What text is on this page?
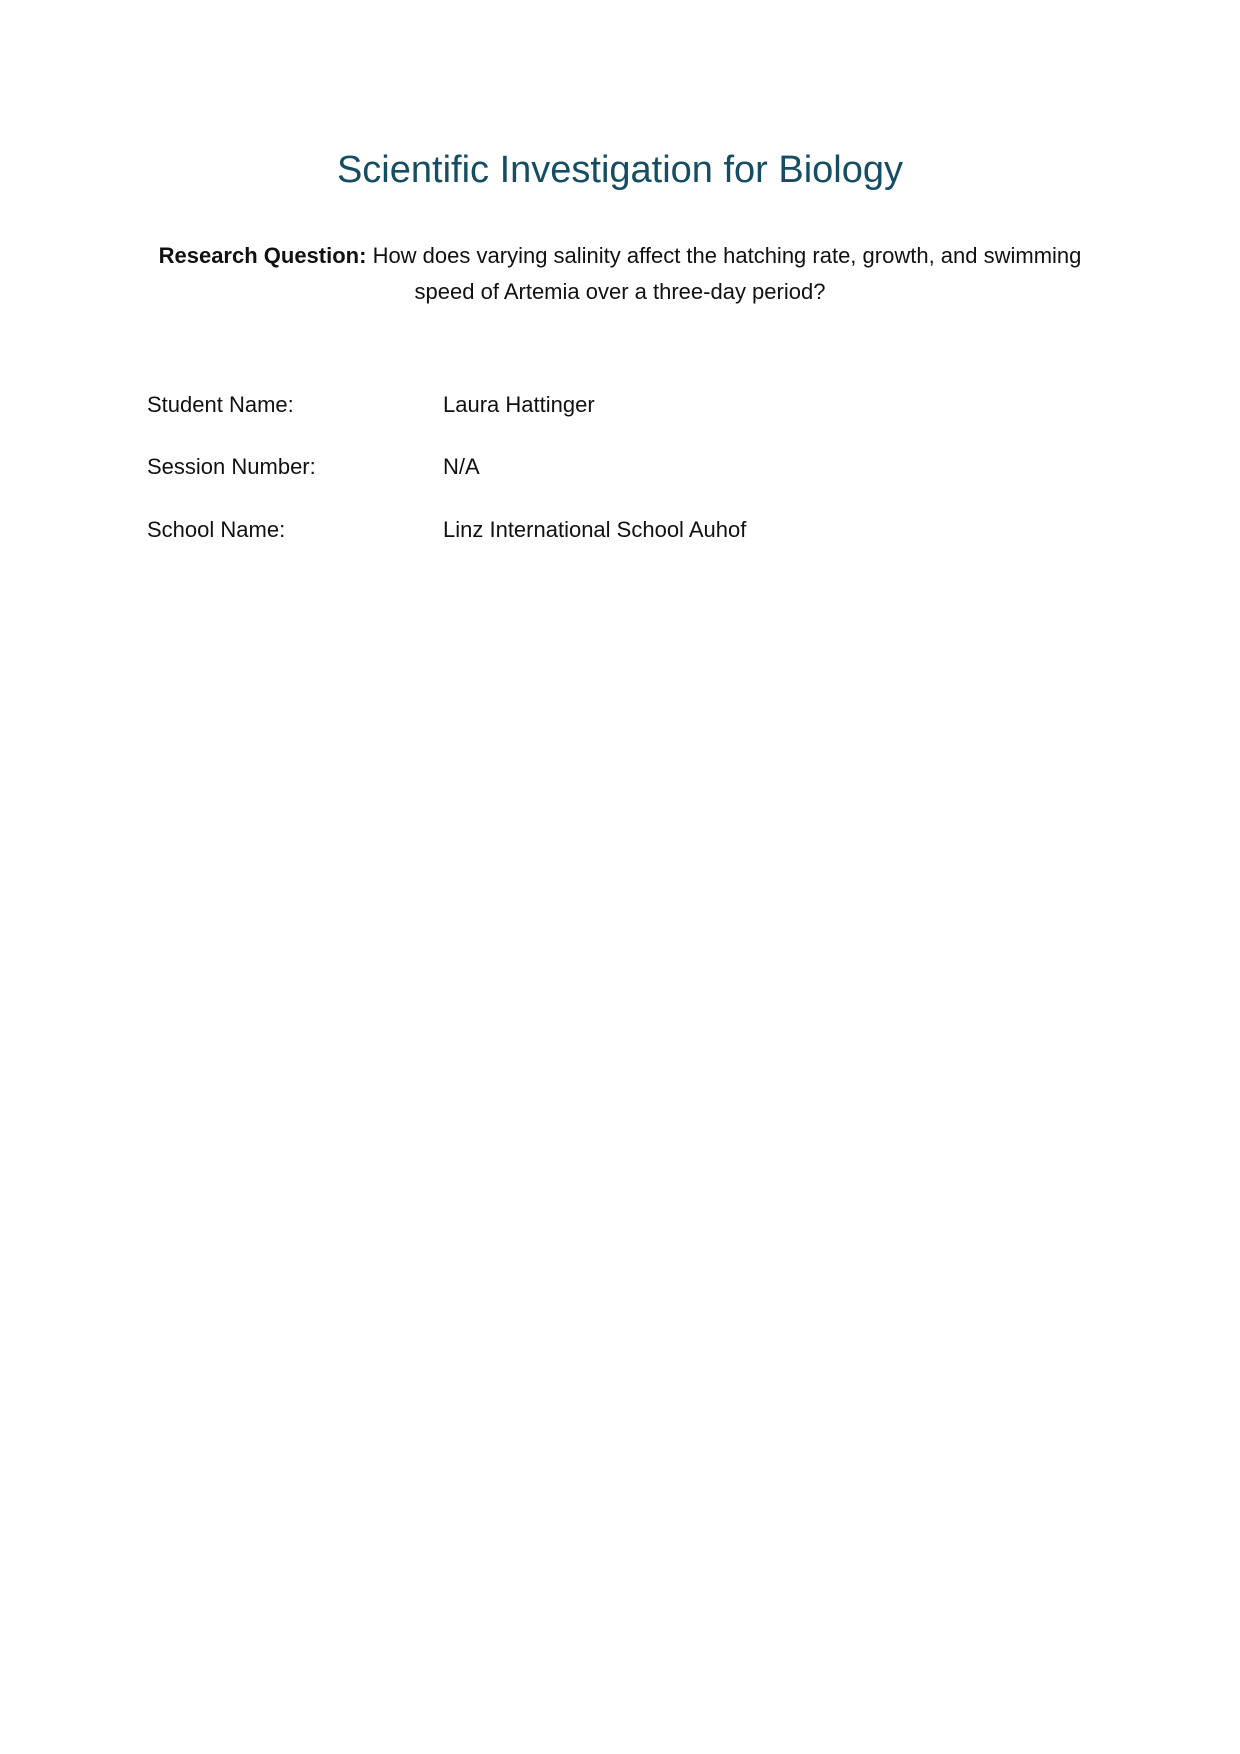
Scientific Investigation for Biology

Research Question: How does varying salinity affect the hatching rate, growth, and swimming speed of Artemia over a three-day period?

Student Name:	Laura Hattinger
Session Number:	N/A
School Name:	Linz International School Auhof
